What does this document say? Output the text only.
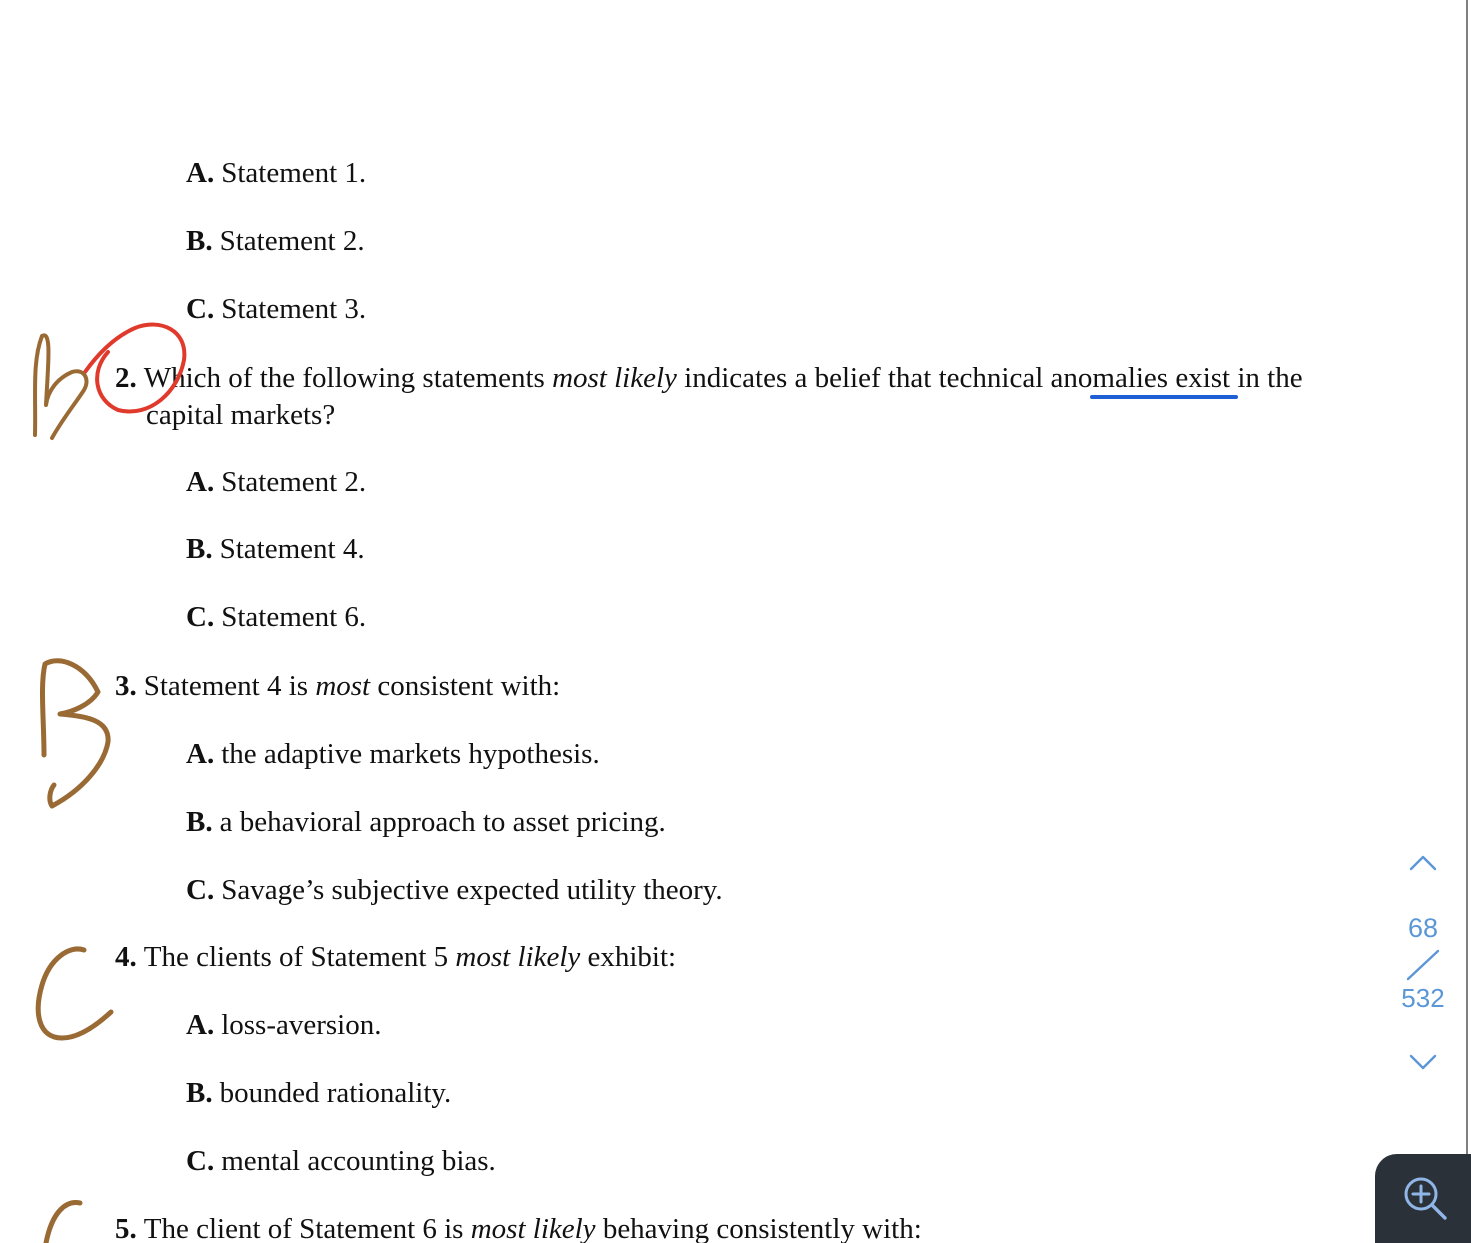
A. Statement 1.
B. Statement 2.
C. Statement 3.
2. Which of the following statements most likely indicates a belief that technical anomalies exist in the
capital markets?
A. Statement 2.
B. Statement 4.
C. Statement 6.
3. Statement 4 is most consistent with:
A. the adaptive markets hypothesis.
B. a behavioral approach to asset pricing.
C. Savage’s subjective expected utility theory.
4. The clients of Statement 5 most likely exhibit:
A. loss-aversion.
B. bounded rationality.
C. mental accounting bias.
5. The client of Statement 6 is most likely behaving consistently with:
68
532
